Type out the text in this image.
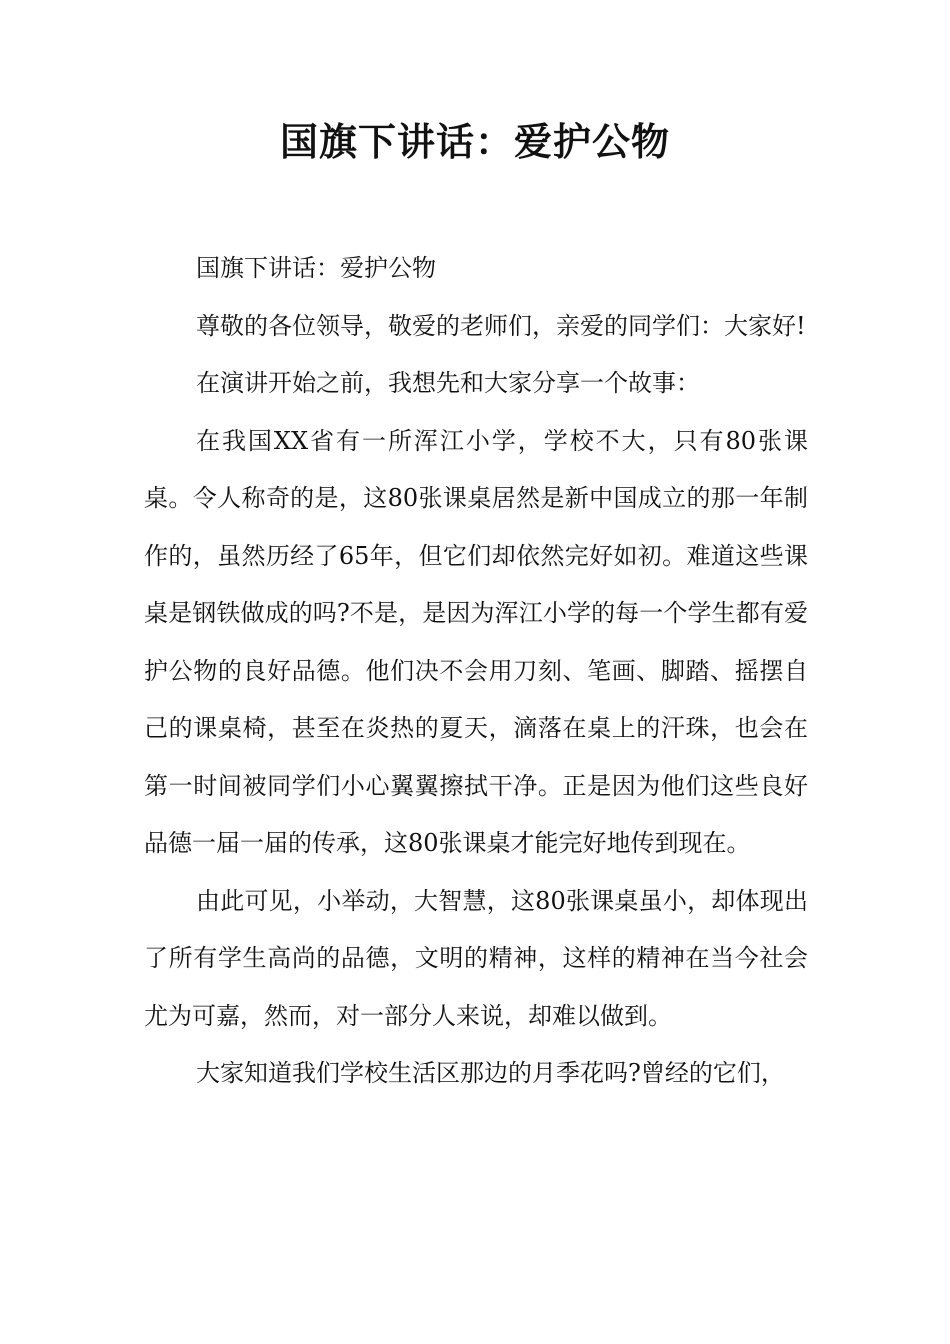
国旗下讲话：爱护公物

国旗下讲话：爱护公物

尊敬的各位领导，敬爱的老师们，亲爱的同学们：大家好!

在演讲开始之前，我想先和大家分享一个故事：

在我国XX省有一所浑江小学，学校不大，只有80张课桌。令人称奇的是，这80张课桌居然是新中国成立的那一年制作的，虽然历经了65年，但它们却依然完好如初。难道这些课桌是钢铁做成的吗?不是，是因为浑江小学的每一个学生都有爱护公物的良好品德。他们决不会用刀刻、笔画、脚踏、摇摆自己的课桌椅，甚至在炎热的夏天，滴落在桌上的汗珠，也会在第一时间被同学们小心翼翼擦拭干净。正是因为他们这些良好品德一届一届的传承，这80张课桌才能完好地传到现在。

由此可见，小举动，大智慧，这80张课桌虽小，却体现出了所有学生高尚的品德，文明的精神，这样的精神在当今社会尤为可嘉，然而，对一部分人来说，却难以做到。

大家知道我们学校生活区那边的月季花吗?曾经的它们，
